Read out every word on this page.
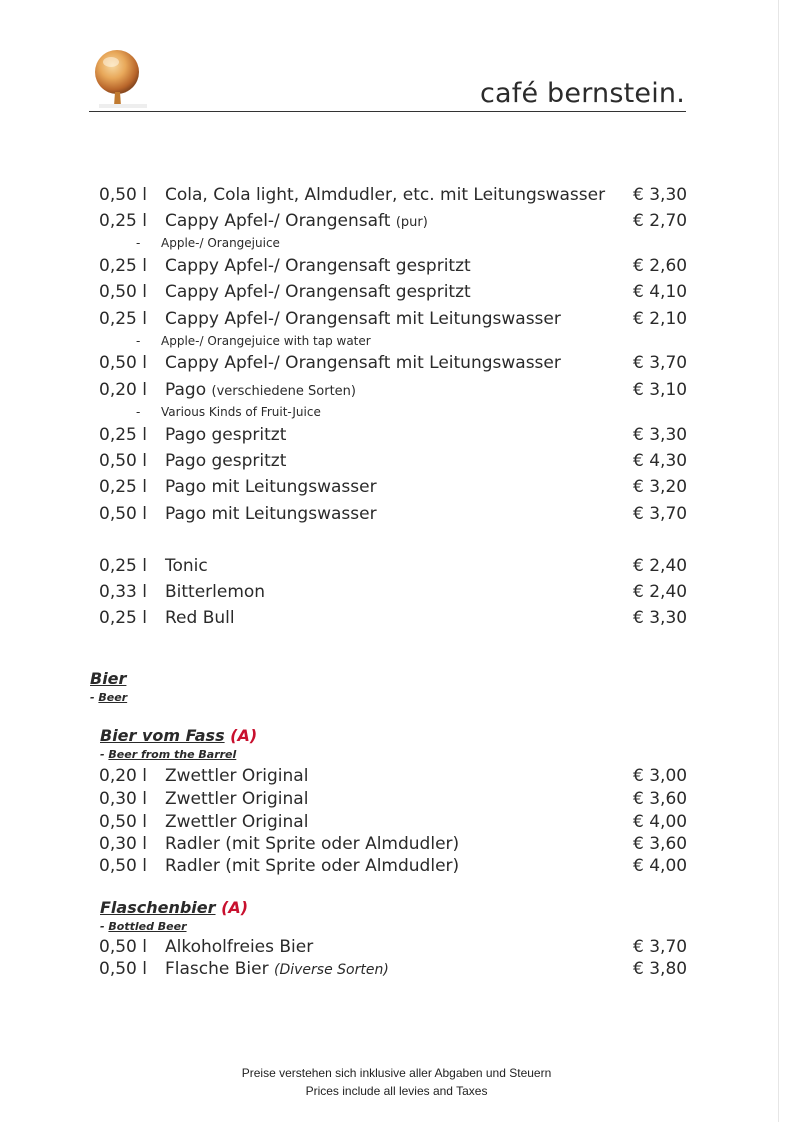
café bernstein.
0,50 l Cola, Cola light, Almdudler, etc. mit Leitungswasser € 3,30
0,25 l Cappy Apfel-/ Orangensaft (pur)	€ 2,70
- Apple-/ Orangejuice
0,25 l Cappy Apfel-/ Orangensaft gespritzt	€ 2,60
0,50 l Cappy Apfel-/ Orangensaft gespritzt	€ 4,10
0,25 l Cappy Apfel-/ Orangensaft mit Leitungswasser	€ 2,10
- Apple-/ Orangejuice with tap water
0,50 l Cappy Apfel-/ Orangensaft mit Leitungswasser	€ 3,70
0,20 l Pago (verschiedene Sorten)	€ 3,10
- Various Kinds of Fruit-Juice
0,25 l Pago gespritzt	€ 3,30
0,50 l Pago gespritzt	€ 4,30
0,25 l Pago mit Leitungswasser	€ 3,20
0,50 l Pago mit Leitungswasser	€ 3,70
0,25 l Tonic	€ 2,40
0,33 l Bitterlemon	€ 2,40
0,25 l Red Bull	€ 3,30
Bier
- Beer
Bier vom Fass (A)
- Beer from the Barrel
0,20 l Zwettler Original	€ 3,00
0,30 l Zwettler Original	€ 3,60
0,50 l Zwettler Original	€ 4,00
0,30 l Radler (mit Sprite oder Almdudler)	€ 3,60
0,50 l Radler (mit Sprite oder Almdudler)	€ 4,00
Flaschenbier (A)
- Bottled Beer
0,50 l Alkoholfreies Bier	€ 3,70
0,50 l Flasche Bier (Diverse Sorten)	€ 3,80
Preise verstehen sich inklusive aller Abgaben und Steuern
Prices include all levies and Taxes
